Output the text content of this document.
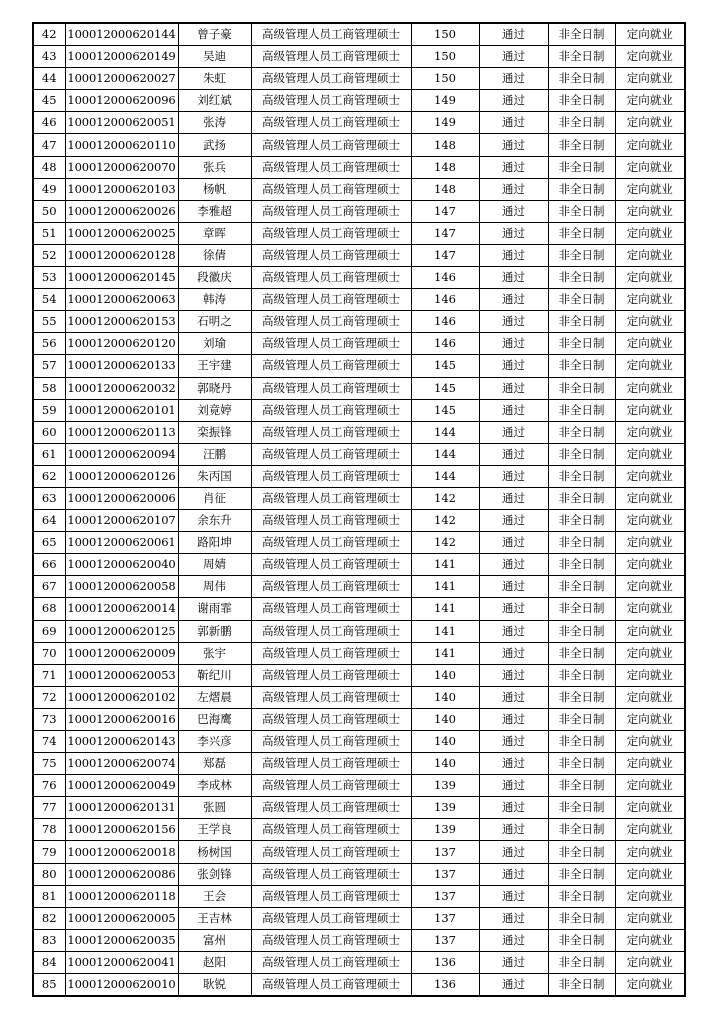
42	100012000620144	曾子豪	高级管理人员工商管理硕士	150	通过	非全日制	定向就业
43	100012000620149	吴迪	高级管理人员工商管理硕士	150	通过	非全日制	定向就业
44	100012000620027	朱虹	高级管理人员工商管理硕士	150	通过	非全日制	定向就业
45	100012000620096	刘红斌	高级管理人员工商管理硕士	149	通过	非全日制	定向就业
46	100012000620051	张涛	高级管理人员工商管理硕士	149	通过	非全日制	定向就业
47	100012000620110	武扬	高级管理人员工商管理硕士	148	通过	非全日制	定向就业
48	100012000620070	张兵	高级管理人员工商管理硕士	148	通过	非全日制	定向就业
49	100012000620103	杨帆	高级管理人员工商管理硕士	148	通过	非全日制	定向就业
50	100012000620026	李雅超	高级管理人员工商管理硕士	147	通过	非全日制	定向就业
51	100012000620025	章晖	高级管理人员工商管理硕士	147	通过	非全日制	定向就业
52	100012000620128	徐倩	高级管理人员工商管理硕士	147	通过	非全日制	定向就业
53	100012000620145	段徽庆	高级管理人员工商管理硕士	146	通过	非全日制	定向就业
54	100012000620063	韩涛	高级管理人员工商管理硕士	146	通过	非全日制	定向就业
55	100012000620153	石明之	高级管理人员工商管理硕士	146	通过	非全日制	定向就业
56	100012000620120	刘瑜	高级管理人员工商管理硕士	146	通过	非全日制	定向就业
57	100012000620133	王宇建	高级管理人员工商管理硕士	145	通过	非全日制	定向就业
58	100012000620032	郭晓丹	高级管理人员工商管理硕士	145	通过	非全日制	定向就业
59	100012000620101	刘竟婷	高级管理人员工商管理硕士	145	通过	非全日制	定向就业
60	100012000620113	栾振锋	高级管理人员工商管理硕士	144	通过	非全日制	定向就业
61	100012000620094	汪鹏	高级管理人员工商管理硕士	144	通过	非全日制	定向就业
62	100012000620126	朱丙国	高级管理人员工商管理硕士	144	通过	非全日制	定向就业
63	100012000620006	肖征	高级管理人员工商管理硕士	142	通过	非全日制	定向就业
64	100012000620107	余东升	高级管理人员工商管理硕士	142	通过	非全日制	定向就业
65	100012000620061	路阳坤	高级管理人员工商管理硕士	142	通过	非全日制	定向就业
66	100012000620040	周婧	高级管理人员工商管理硕士	141	通过	非全日制	定向就业
67	100012000620058	周伟	高级管理人员工商管理硕士	141	通过	非全日制	定向就业
68	100012000620014	谢雨霏	高级管理人员工商管理硕士	141	通过	非全日制	定向就业
69	100012000620125	郭新鹏	高级管理人员工商管理硕士	141	通过	非全日制	定向就业
70	100012000620009	张宇	高级管理人员工商管理硕士	141	通过	非全日制	定向就业
71	100012000620053	靳纪川	高级管理人员工商管理硕士	140	通过	非全日制	定向就业
72	100012000620102	左熠晨	高级管理人员工商管理硕士	140	通过	非全日制	定向就业
73	100012000620016	巴海鹰	高级管理人员工商管理硕士	140	通过	非全日制	定向就业
74	100012000620143	李兴彦	高级管理人员工商管理硕士	140	通过	非全日制	定向就业
75	100012000620074	郑磊	高级管理人员工商管理硕士	140	通过	非全日制	定向就业
76	100012000620049	李成林	高级管理人员工商管理硕士	139	通过	非全日制	定向就业
77	100012000620131	张圆	高级管理人员工商管理硕士	139	通过	非全日制	定向就业
78	100012000620156	王学良	高级管理人员工商管理硕士	139	通过	非全日制	定向就业
79	100012000620018	杨树国	高级管理人员工商管理硕士	137	通过	非全日制	定向就业
80	100012000620086	张剑锋	高级管理人员工商管理硕士	137	通过	非全日制	定向就业
81	100012000620118	王会	高级管理人员工商管理硕士	137	通过	非全日制	定向就业
82	100012000620005	王吉林	高级管理人员工商管理硕士	137	通过	非全日制	定向就业
83	100012000620035	富州	高级管理人员工商管理硕士	137	通过	非全日制	定向就业
84	100012000620041	赵阳	高级管理人员工商管理硕士	136	通过	非全日制	定向就业
85	100012000620010	耿锐	高级管理人员工商管理硕士	136	通过	非全日制	定向就业
